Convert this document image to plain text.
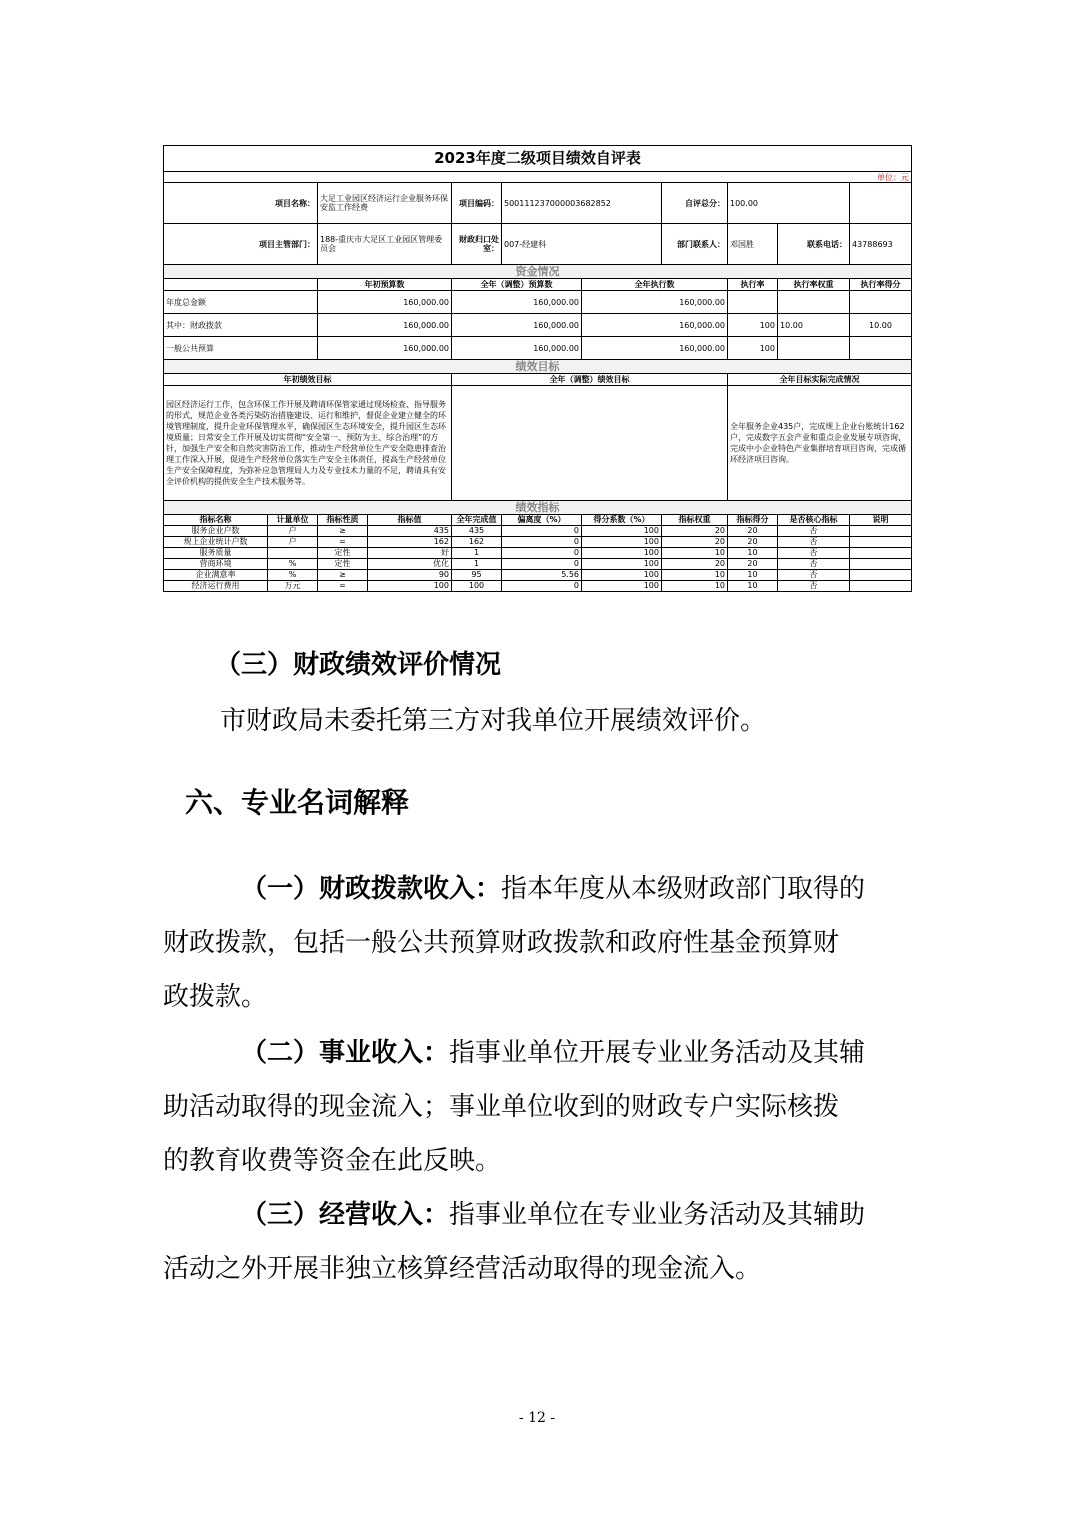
2023年度二级项目绩效自评表										
单位：元										
项目名称：		大足工业园区经济运行企业服务环保安监工作经费		项目编码：	500111237000003682852		自评总分：	100.00		
项目主管部门：		188-重庆市大足区工业园区管理委员会		财政归口处室：	007-经建科		部门联系人：	邓国胜	联系电话：	43788693
资金情况										
		年初预算数		全年（调整）预算数		全年执行数		执行率	执行率权重	执行率得分
年度总金额		160,000.00		160,000.00		160,000.00				
其中：财政拨款		160,000.00		160,000.00		160,000.00		100	10.00	10.00
一般公共预算		160,000.00		160,000.00		160,000.00		100		
绩效目标										
年初绩效目标				全年（调整）绩效目标				全年目标实际完成情况		
园区经济运行工作，包含环保工作开展及聘请环保管家通过现场检查、指导服务的形式，规范企业各类污染防治措施建设、运行和维护，督促企业建立健全的环境管理制度，提升企业环保管理水平，确保园区生态环境安全，提升园区生态环境质量；日常安全工作开展及切实贯彻“安全第一、预防为主、综合治理”的方针，加强生产安全和自然灾害防治工作，推动生产经营单位生产安全隐患排查治理工作深入开展，促进生产经营单位落实生产安全主体责任，提高生产经营单位生产安全保障程度，为弥补应急管理局人力及专业技术力量的不足，聘请具有安全评价机构的提供安全生产技术服务等。								全年服务企业435户，完成规上企业台账统计162户，完成数字五会产业和重点企业发展专项咨询，完成中小企业特色产业集群培育项目咨询，完成循环经济项目咨询。		
绩效指标										
指标名称	计量单位	指标性质	指标值	全年完成值	偏离度（%）	得分系数（%）	指标权重	指标得分	是否核心指标	说明
服务企业户数	户	≥	435	435	0	100	20	20	否	
规上企业统计户数	户	=	162	162	0	100	20	20	否	
服务质量		定性	好	1	0	100	10	10	否	
营商环境	%	定性	优化	1	0	100	20	20	否	
企业满意率	%	≥	90	95	5.56	100	10	10	否	
经济运行费用	万元	=	100	100	0	100	10	10	否	
（三）财政绩效评价情况
市财政局未委托第三方对我单位开展绩效评价。
六、专业名词解释
（一）财政拨款收入：指本年度从本级财政部门取得的
财政拨款，包括一般公共预算财政拨款和政府性基金预算财
政拨款。
（二）事业收入：指事业单位开展专业业务活动及其辅
助活动取得的现金流入；事业单位收到的财政专户实际核拨
的教育收费等资金在此反映。
（三）经营收入：指事业单位在专业业务活动及其辅助
活动之外开展非独立核算经营活动取得的现金流入。
- 12 -
